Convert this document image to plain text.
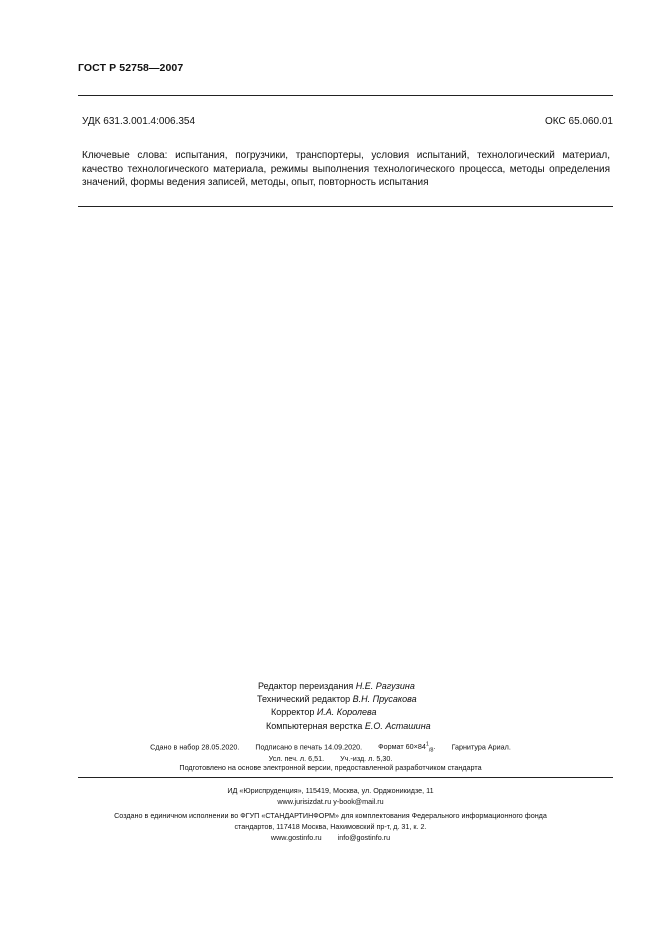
ГОСТ Р 52758—2007
УДК 631.3.001.4:006.354	ОКС 65.060.01
Ключевые слова: испытания, погрузчики, транспортеры, условия испытаний, технологический материал, качество технологического материала, режимы выполнения технологического процесса, методы определения значений, формы ведения записей, методы, опыт, повторность испытания
Редактор переиздания Н.Е. Рагузина
Технический редактор В.Н. Прусакова
Корректор И.А. Королева
Компьютерная верстка Е.О. Асташина
Сдано в набор 28.05.2020. Подписано в печать 14.09.2020. Формат $60\times 84^1_{/8}$. Гарнитура Ариал.
Усл. печ. л. 6,51. Уч.-изд. л. 5,30.
Подготовлено на основе электронной версии, предоставленной разработчиком стандарта
ИД «Юриспруденция», 115419, Москва, ул. Орджоникидзе, 11
www.jurisizdat.ru y-book@mail.ru
Создано в единичном исполнении во ФГУП «СТАНДАРТИНФОРМ» для комплектования Федерального информационного фонда
стандартов, 117418 Москва, Нахимовский пр-т, д. 31, к. 2.
www.gostinfo.ru info@gostinfo.ru
